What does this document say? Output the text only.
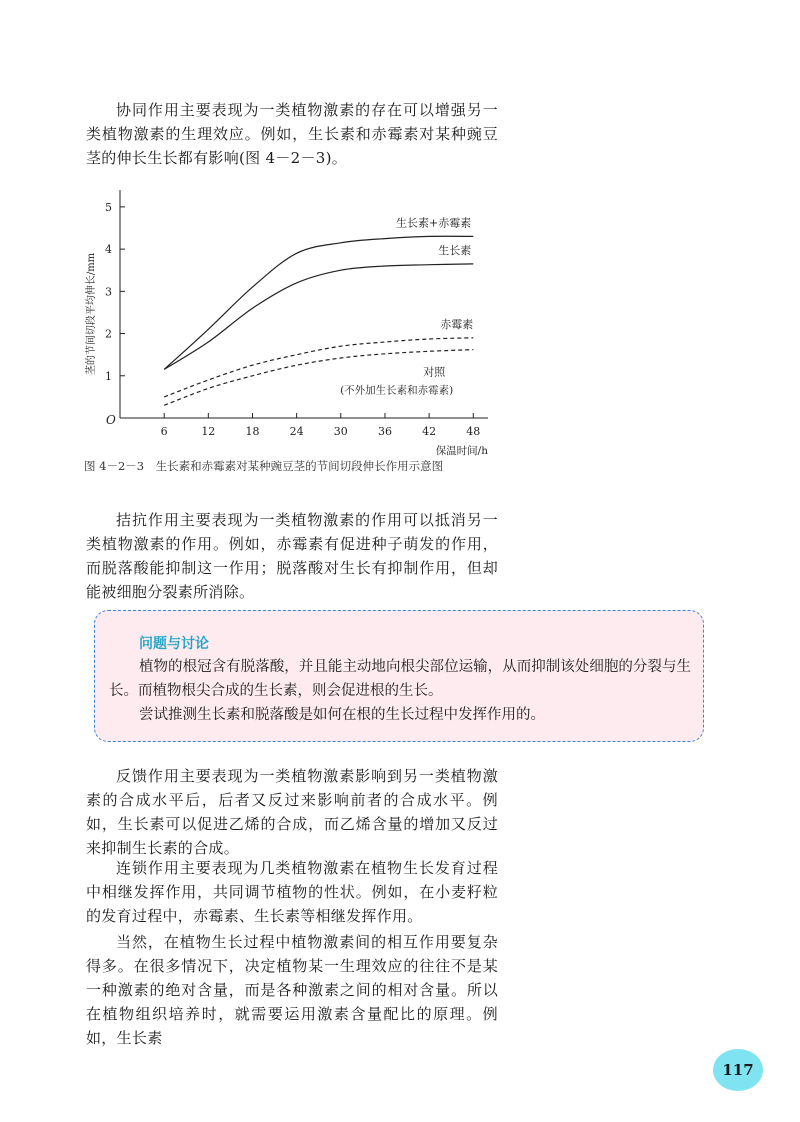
协同作用主要表现为一类植物激素的存在可以增强另一类植物激素的生理效应。例如，生长素和赤霉素对某种豌豆茎的伸长生长都有影响(图 4－2－3)。

O
6	12	18	24	30	36	42	48
1
2
3
4
5
保温时间/h
茎的节间切段平均伸长/mm
生长素+赤霉素
生长素
赤霉素
对照
(不外加生长素和赤霉素)
图 4－2－3　生长素和赤霉素对某种豌豆茎的节间切段伸长作用示意图

拮抗作用主要表现为一类植物激素的作用可以抵消另一类植物激素的作用。例如，赤霉素有促进种子萌发的作用，而脱落酸能抑制这一作用；脱落酸对生长有抑制作用，但却能被细胞分裂素所消除。

问题与讨论

植物的根冠含有脱落酸，并且能主动地向根尖部位运输，从而抑制该处细胞的分裂与生长。而植物根尖合成的生长素，则会促进根的生长。

尝试推测生长素和脱落酸是如何在根的生长过程中发挥作用的。

反馈作用主要表现为一类植物激素影响到另一类植物激素的合成水平后，后者又反过来影响前者的合成水平。例如，生长素可以促进乙烯的合成，而乙烯含量的增加又反过来抑制生长素的合成。

连锁作用主要表现为几类植物激素在植物生长发育过程中相继发挥作用，共同调节植物的性状。例如，在小麦籽粒的发育过程中，赤霉素、生长素等相继发挥作用。

当然，在植物生长过程中植物激素间的相互作用要复杂得多。在很多情况下，决定植物某一生理效应的往往不是某一种激素的绝对含量，而是各种激素之间的相对含量。所以在植物组织培养时，就需要运用激素含量配比的原理。例如，生长素

117
